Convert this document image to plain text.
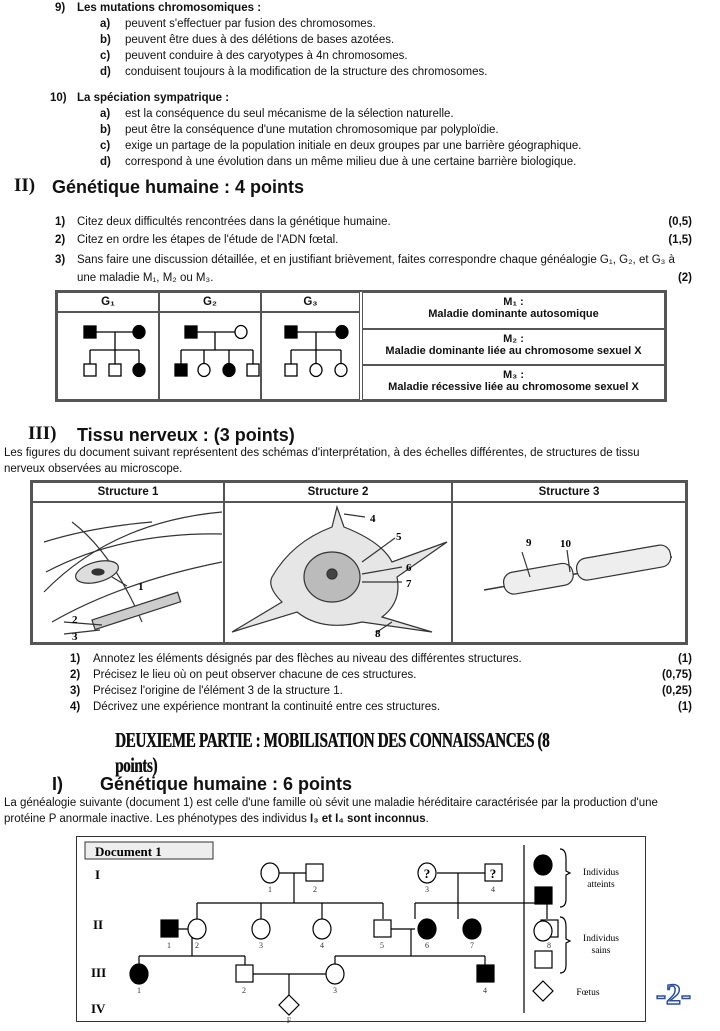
9) Les mutations chromosomiques :
a) peuvent s'effectuer par fusion des chromosomes.
b) peuvent être dues à des délétions de bases azotées.
c) peuvent conduire à des caryotypes à 4n chromosomes.
d) conduisent toujours à la modification de la structure des chromosomes.
10) La spéciation sympatrique :
a) est la conséquence du seul mécanisme de la sélection naturelle.
b) peut être la conséquence d'une mutation chromosomique par polyploïdie.
c) exige un partage de la population initiale en deux groupes par une barrière géographique.
d) correspond à une évolution dans un même milieu due à une certaine barrière biologique.
II) Génétique humaine : 4 points
1) Citez deux difficultés rencontrées dans la génétique humaine.	(0,5)
2) Citez en ordre les étapes de l'étude de l'ADN fœtal.	(1,5)
3) Sans faire une discussion détaillée, et en justifiant brièvement, faites correspondre chaque généalogie G₁, G₂, et G₃ à
(2)
une maladie M₁, M₂ ou M₃.
G₁	G₂	G₃	M₁ :
Maladie dominante autosomique
M₂ :
Maladie dominante liée au chromosome sexuel X
M₃ :
Maladie récessive liée au chromosome sexuel X
III) Tissu nerveux : (3 points)
Les figures du document suivant représentent des schémas d'interprétation, à des échelles différentes, de structures de tissu
nerveux observées au microscope.
Structure 1	Structure 2	Structure 3
1
2
3
4
5
6
7
8
9	10
1) Annotez les éléments désignés par des flèches au niveau des différentes structures.	(1)
2) Précisez le lieu où on peut observer chacune de ces structures.	(0,75)
3) Précisez l'origine de l'élément 3 de la structure 1.	(0,25)
4) Décrivez une expérience montrant la continuité entre ces structures.	(1)
DEUXIEME PARTIE : MOBILISATION DES CONNAISSANCES (8 points)
I) Génétique humaine : 6 points
La généalogie suivante (document 1) est celle d'une famille où sévit une maladie héréditaire caractérisée par la production d'une
protéine P anormale inactive. Les phénotypes des individus I₃ et I₄ sont inconnus.
Document 1
I
II
III
IV
?	?
1	2	3	4
1	2	3	4	5	6	7	8
1	2	3	4
F
Individus
atteints
Individus
sains
Fœtus -2-
